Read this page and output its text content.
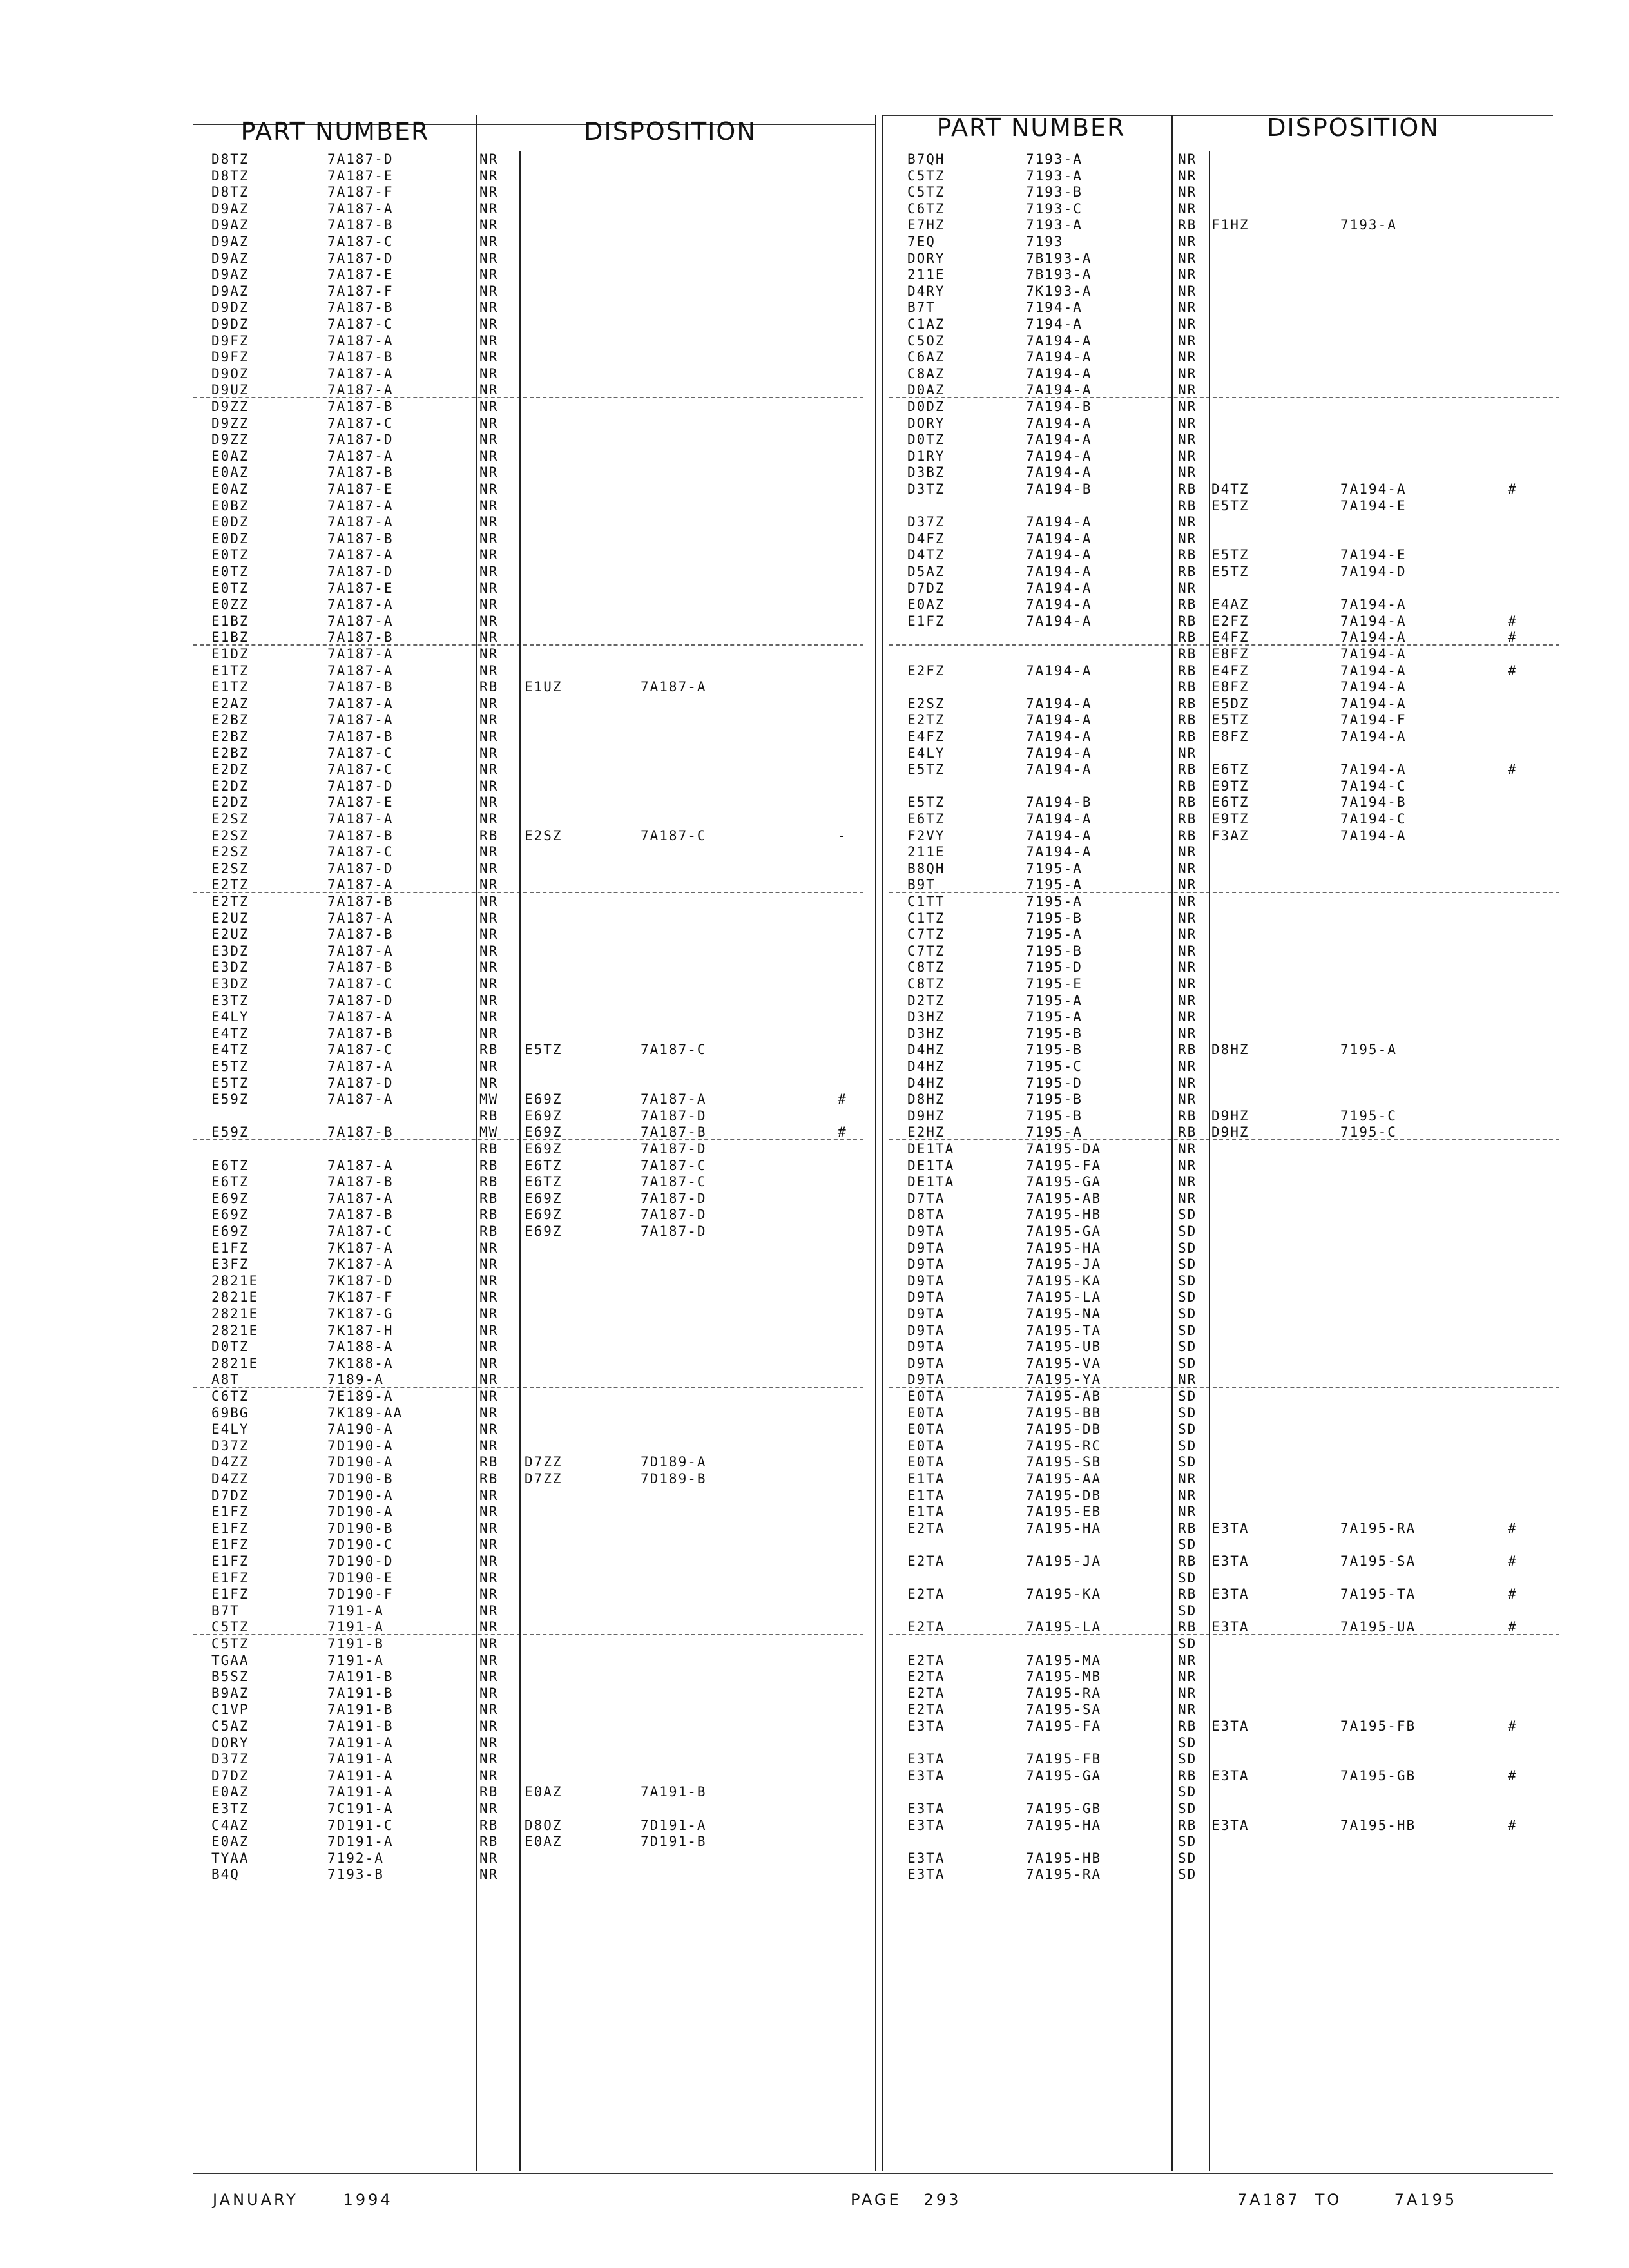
PART NUMBER	DISPOSITION
D8TZ	7A187-D	NR
D8TZ	7A187-E	NR
D8TZ	7A187-F	NR
D9AZ	7A187-A	NR
D9AZ	7A187-B	NR
D9AZ	7A187-C	NR
D9AZ	7A187-D	NR
D9AZ	7A187-E	NR
D9AZ	7A187-F	NR
D9DZ	7A187-B	NR
D9DZ	7A187-C	NR
D9FZ	7A187-A	NR
D9FZ	7A187-B	NR
D9OZ	7A187-A	NR
D9UZ	7A187-A	NR
D9ZZ	7A187-B	NR
D9ZZ	7A187-C	NR
D9ZZ	7A187-D	NR
E0AZ	7A187-A	NR
E0AZ	7A187-B	NR
E0AZ	7A187-E	NR
E0BZ	7A187-A	NR
E0DZ	7A187-A	NR
E0DZ	7A187-B	NR
E0TZ	7A187-A	NR
E0TZ	7A187-D	NR
E0TZ	7A187-E	NR
E0ZZ	7A187-A	NR
E1BZ	7A187-A	NR
E1BZ	7A187-B	NR
E1DZ	7A187-A	NR
E1TZ	7A187-A	NR
E1TZ	7A187-B	RB E1UZ	7A187-A
E2AZ	7A187-A	NR
E2BZ	7A187-A	NR
E2BZ	7A187-B	NR
E2BZ	7A187-C	NR
E2DZ	7A187-C	NR
E2DZ	7A187-D	NR
E2DZ	7A187-E	NR
E2SZ	7A187-A	NR
E2SZ	7A187-B	RB E2SZ	7A187-C	-
E2SZ	7A187-C	NR
E2SZ	7A187-D	NR
E2TZ	7A187-A	NR
E2TZ	7A187-B	NR
E2UZ	7A187-A	NR
E2UZ	7A187-B	NR
E3DZ	7A187-A	NR
E3DZ	7A187-B	NR
E3DZ	7A187-C	NR
E3TZ	7A187-D	NR
E4LY	7A187-A	NR
E4TZ	7A187-B	NR
E4TZ	7A187-C	RB E5TZ	7A187-C
E5TZ	7A187-A	NR
E5TZ	7A187-D	NR
E59Z	7A187-A	MW E69Z	7A187-A	#
RB E69Z	7A187-D
E59Z	7A187-B	MW E69Z	7A187-B	#
RB E69Z	7A187-D
E6TZ	7A187-A	RB E6TZ	7A187-C
E6TZ	7A187-B	RB E6TZ	7A187-C
E69Z	7A187-A	RB E69Z	7A187-D
E69Z	7A187-B	RB E69Z	7A187-D
E69Z	7A187-C	RB E69Z	7A187-D
E1FZ	7K187-A	NR
E3FZ	7K187-A	NR
2821E	7K187-D	NR
2821E	7K187-F	NR
2821E	7K187-G	NR
2821E	7K187-H	NR
D0TZ	7A188-A	NR
2821E	7K188-A	NR
A8T	7189-A	NR
C6TZ	7E189-A	NR
69BG	7K189-AA	NR
E4LY	7A190-A	NR
D37Z	7D190-A	NR
D4ZZ	7D190-A	RB D7ZZ	7D189-A
D4ZZ	7D190-B	RB D7ZZ	7D189-B
D7DZ	7D190-A	NR
E1FZ	7D190-A	NR
E1FZ	7D190-B	NR
E1FZ	7D190-C	NR
E1FZ	7D190-D	NR
E1FZ	7D190-E	NR
E1FZ	7D190-F	NR
B7T	7191-A	NR
C5TZ	7191-A	NR
C5TZ	7191-B	NR
TGAA	7191-A	NR
B5SZ	7A191-B	NR
B9AZ	7A191-B	NR
C1VP	7A191-B	NR
C5AZ	7A191-B	NR
DORY	7A191-A	NR
D37Z	7A191-A	NR
D7DZ	7A191-A	NR
E0AZ	7A191-A	RB E0AZ	7A191-B
E3TZ	7C191-A	NR
C4AZ	7D191-C	RB D8OZ	7D191-A
E0AZ	7D191-A	RB E0AZ	7D191-B
TYAA	7192-A	NR
B4Q	7193-B	NR
PART NUMBER	DISPOSITION
B7QH	7193-A	NR
C5TZ	7193-A	NR
C5TZ	7193-B	NR
C6TZ	7193-C	NR
E7HZ	7193-A	RB F1HZ	7193-A
7EQ	7193	NR
DORY	7B193-A	NR
211E	7B193-A	NR
D4RY	7K193-A	NR
B7T	7194-A	NR
C1AZ	7194-A	NR
C5OZ	7A194-A	NR
C6AZ	7A194-A	NR
C8AZ	7A194-A	NR
D0AZ	7A194-A	NR
D0DZ	7A194-B	NR
DORY	7A194-A	NR
D0TZ	7A194-A	NR
D1RY	7A194-A	NR
D3BZ	7A194-A	NR
D3TZ	7A194-B	RB D4TZ	7A194-A	#
RB E5TZ	7A194-E
D37Z	7A194-A	NR
D4FZ	7A194-A	NR
D4TZ	7A194-A	RB E5TZ	7A194-E
D5AZ	7A194-A	RB E5TZ	7A194-D
D7DZ	7A194-A	NR
E0AZ	7A194-A	RB E4AZ	7A194-A
E1FZ	7A194-A	RB E2FZ	7A194-A	#
RB E4FZ	7A194-A	#
RB E8FZ	7A194-A
E2FZ	7A194-A	RB E4FZ	7A194-A	#
RB E8FZ	7A194-A
E2SZ	7A194-A	RB E5DZ	7A194-A
E2TZ	7A194-A	RB E5TZ	7A194-F
E4FZ	7A194-A	RB E8FZ	7A194-A
E4LY	7A194-A	NR
E5TZ	7A194-A	RB E6TZ	7A194-A	#
RB E9TZ	7A194-C
E5TZ	7A194-B	RB E6TZ	7A194-B
E6TZ	7A194-A	RB E9TZ	7A194-C
F2VY	7A194-A	RB F3AZ	7A194-A
211E	7A194-A	NR
B8QH	7195-A	NR
B9T	7195-A	NR
C1TT	7195-A	NR
C1TZ	7195-B	NR
C7TZ	7195-A	NR
C7TZ	7195-B	NR
C8TZ	7195-D	NR
C8TZ	7195-E	NR
D2TZ	7195-A	NR
D3HZ	7195-A	NR
D3HZ	7195-B	NR
D4HZ	7195-B	RB D8HZ	7195-A
D4HZ	7195-C	NR
D4HZ	7195-D	NR
D8HZ	7195-B	NR
D9HZ	7195-B	RB D9HZ	7195-C
E2HZ	7195-A	RB D9HZ	7195-C
DE1TA	7A195-DA	NR
DE1TA	7A195-FA	NR
DE1TA	7A195-GA	NR
D7TA	7A195-AB	NR
D8TA	7A195-HB	SD
D9TA	7A195-GA	SD
D9TA	7A195-HA	SD
D9TA	7A195-JA	SD
D9TA	7A195-KA	SD
D9TA	7A195-LA	SD
D9TA	7A195-NA	SD
D9TA	7A195-TA	SD
D9TA	7A195-UB	SD
D9TA	7A195-VA	SD
D9TA	7A195-YA	NR
E0TA	7A195-AB	SD
E0TA	7A195-BB	SD
E0TA	7A195-DB	SD
E0TA	7A195-RC	SD
E0TA	7A195-SB	SD
E1TA	7A195-AA	NR
E1TA	7A195-DB	NR
E1TA	7A195-EB	NR
E2TA	7A195-HA	RB E3TA	7A195-RA	#
SD
E2TA	7A195-JA	RB E3TA	7A195-SA	#
SD
E2TA	7A195-KA	RB E3TA	7A195-TA	#
SD
E2TA	7A195-LA	RB E3TA	7A195-UA	#
SD
E2TA	7A195-MA	NR
E2TA	7A195-MB	NR
E2TA	7A195-RA	NR
E2TA	7A195-SA	NR
E3TA	7A195-FA	RB E3TA	7A195-FB	#
SD
E3TA	7A195-FB	SD
E3TA	7A195-GA	RB E3TA	7A195-GB	#
SD
E3TA	7A195-GB	SD
E3TA	7A195-HA	RB E3TA	7A195-HB	#
SD
E3TA	7A195-HB	SD
E3TA	7A195-RA	SD
JANUARY      1994	PAGE   293	7A187  TO       7A195
